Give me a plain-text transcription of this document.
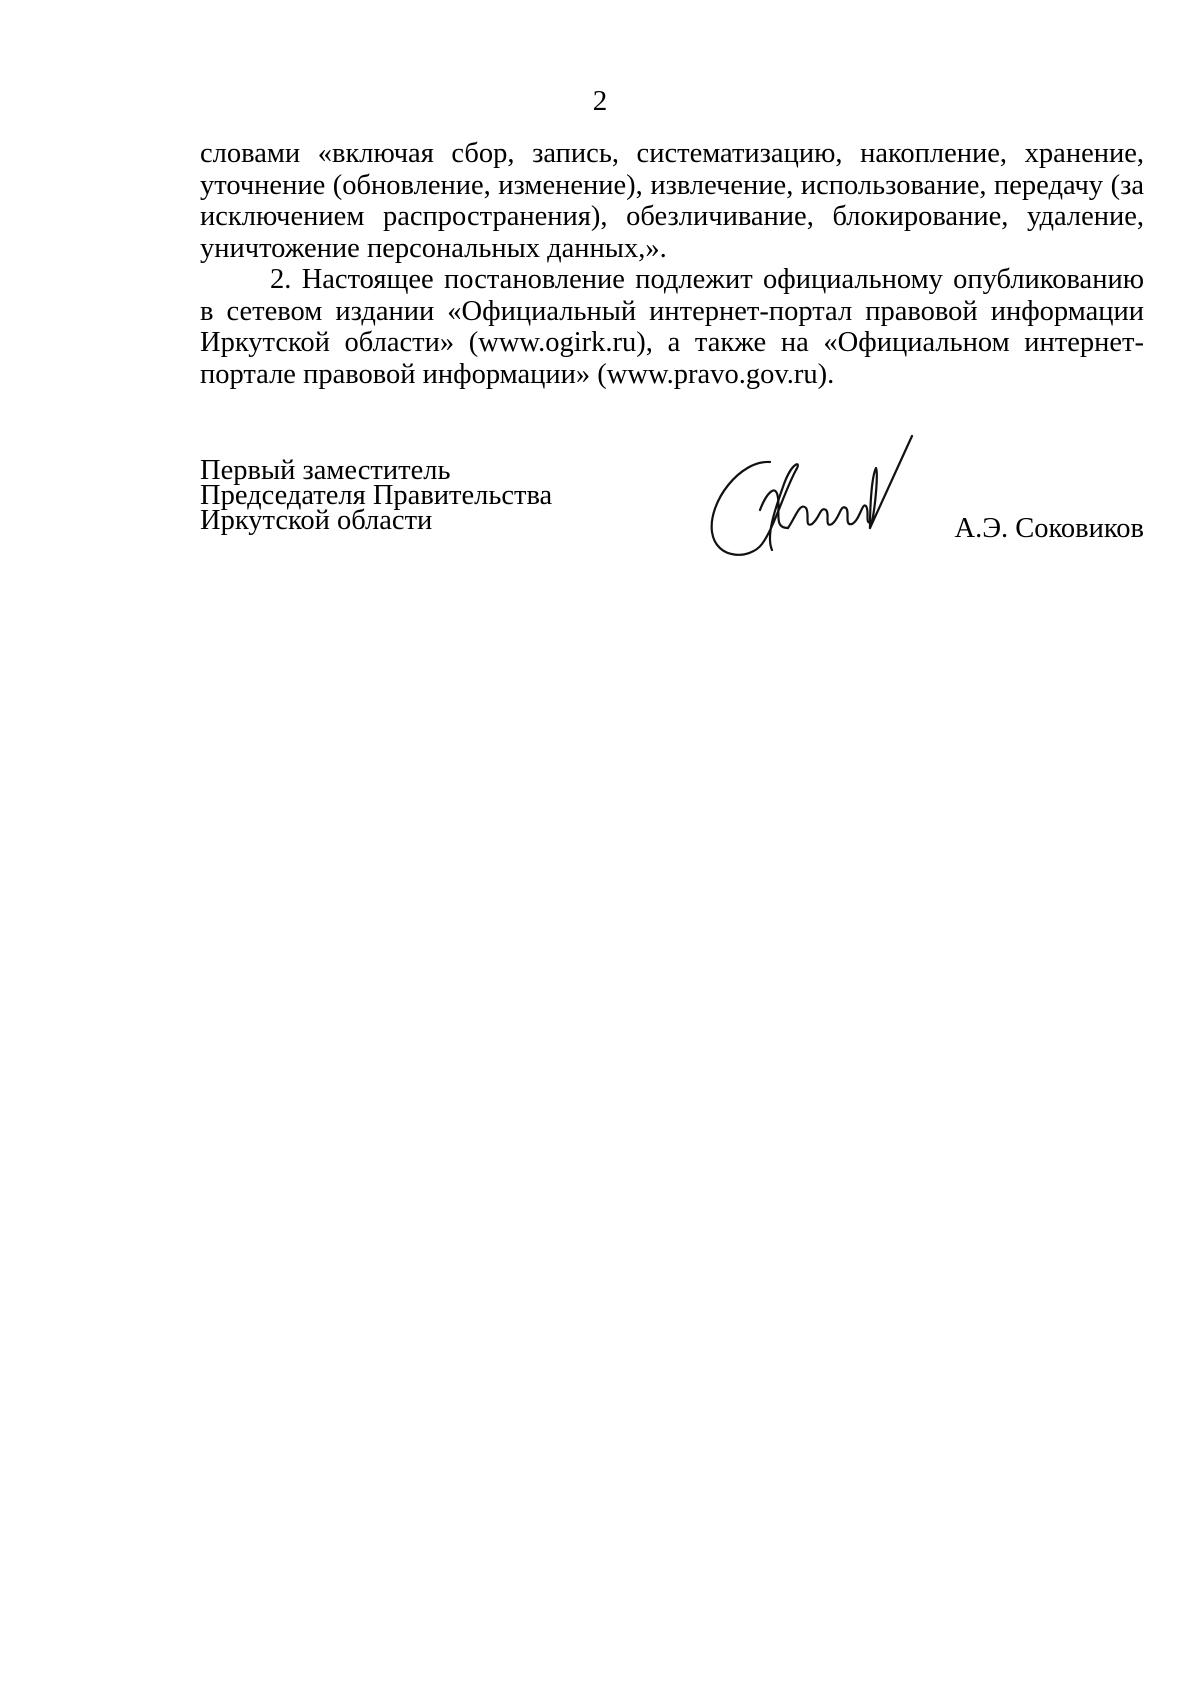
2

словами «включая сбор, запись, систематизацию, накопление, хранение, уточнение (обновление, изменение), извлечение, использование, передачу (за исключением распространения), обезличивание, блокирование, удаление, уничтожение персональных данных,».

2. Настоящее постановление подлежит официальному опубликованию в сетевом издании «Официальный интернет-портал правовой информации Иркутской области» (www.ogirk.ru), а также на «Официальном интернет-портале правовой информации» (www.pravo.gov.ru).

Первый заместитель
Председателя Правительства
Иркутской области	А.Э. Соковиков
